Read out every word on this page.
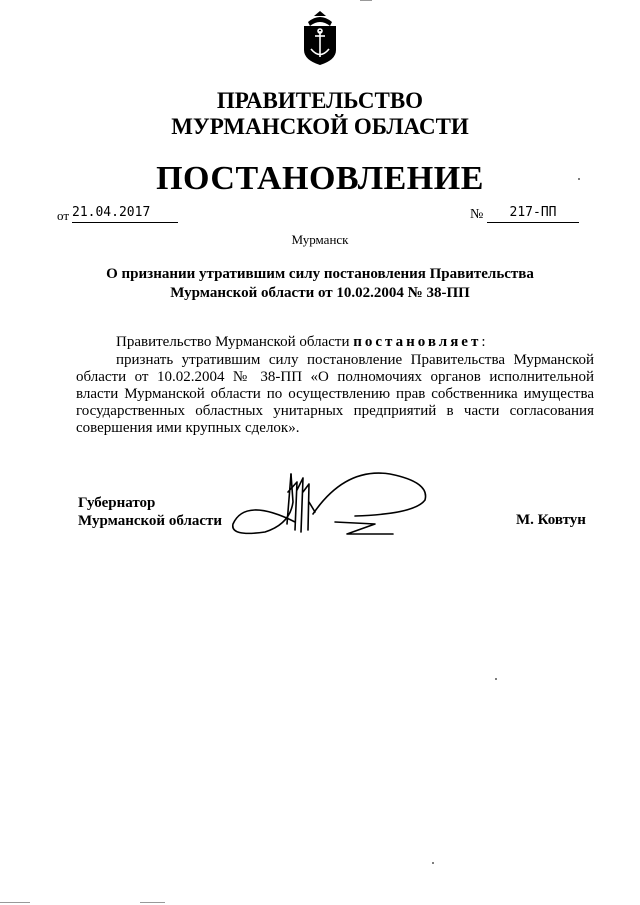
ПРАВИТЕЛЬСТВО
МУРМАНСКОЙ ОБЛАСТИ
ПОСТАНОВЛЕНИЕ
от 21.04.2017	№	217-ПП
Мурманск
О признании утратившим силу постановления Правительства
Мурманской области от 10.02.2004 № 38-ПП
Правительство Мурманской области постановляет:
признать утратившим силу постановление Правительства Мурманской области от 10.02.2004 № 38-ПП «О полномочиях органов исполнительной власти Мурманской области по осуществлению прав собственника имущества государственных областных унитарных предприятий в части согласования совершения ими крупных сделок».
Губернатор
Мурманской области	М. Ковтун
